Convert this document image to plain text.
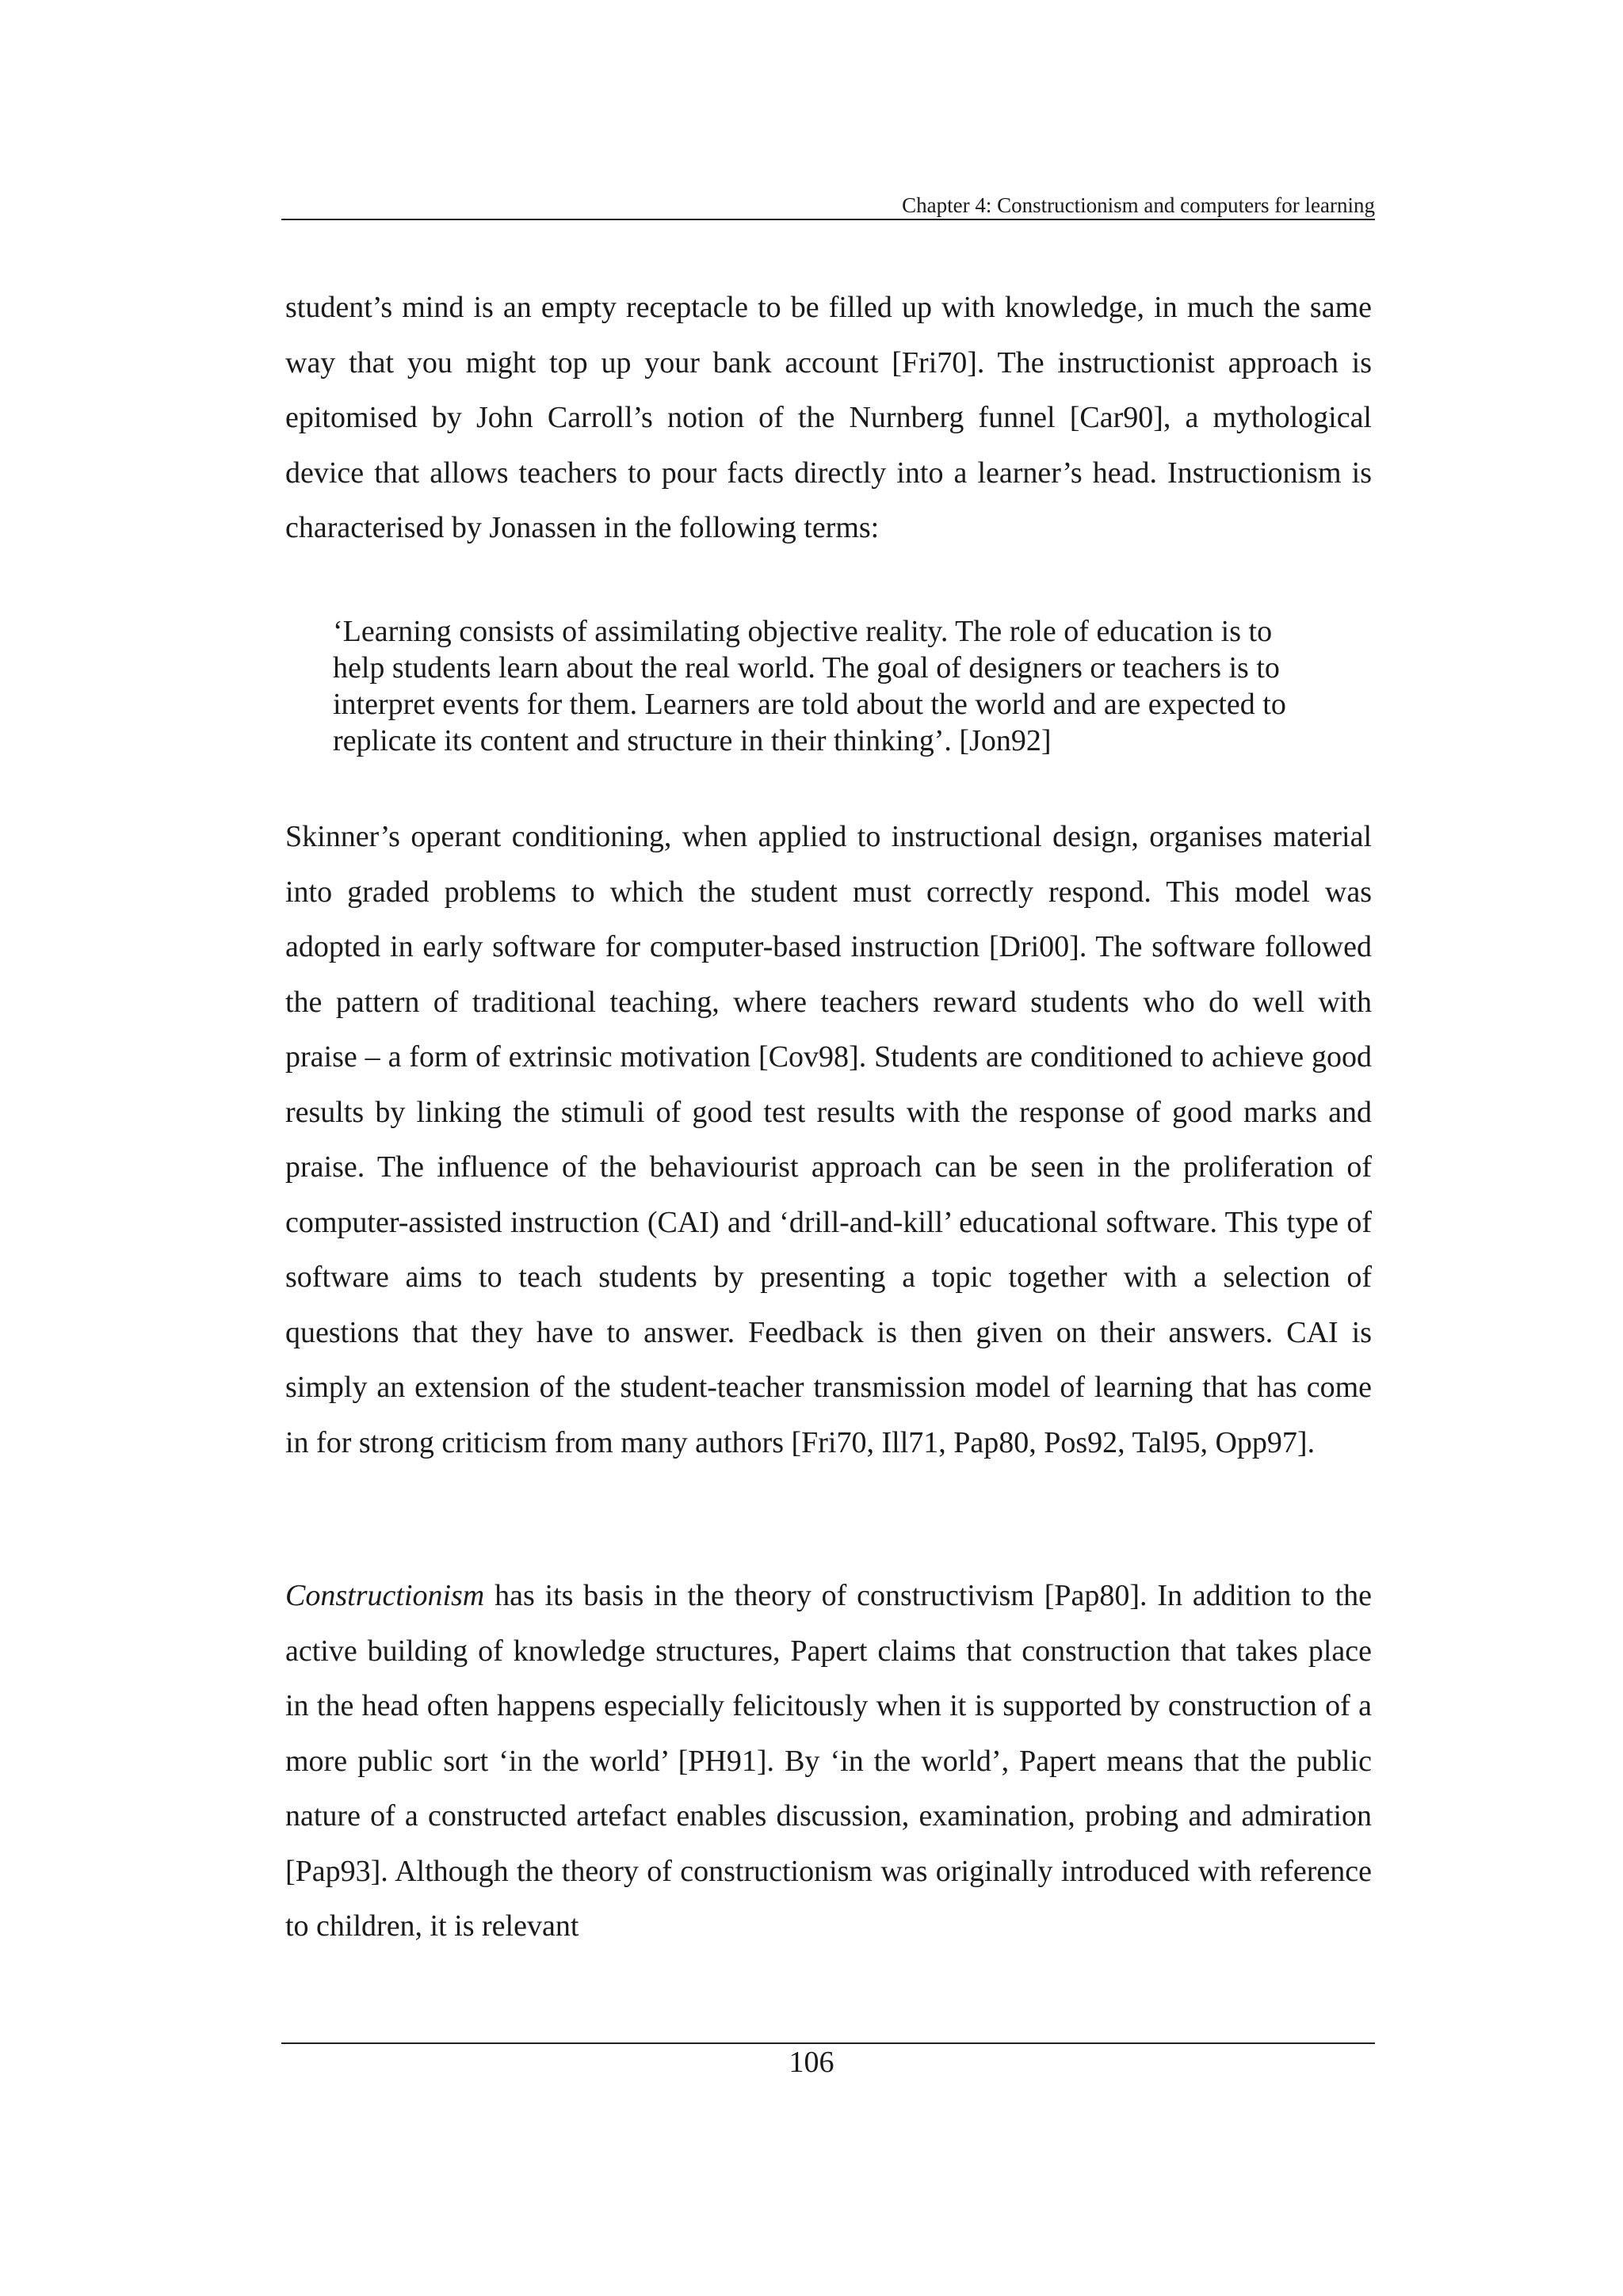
Chapter 4: Constructionism and computers for learning

student’s mind is an empty receptacle to be filled up with knowledge, in much the same way that you might top up your bank account [Fri70]. The instructionist approach is epitomised by John Carroll’s notion of the Nurnberg funnel [Car90], a mythological device that allows teachers to pour facts directly into a learner’s head. Instructionism is characterised by Jonassen in the following terms:

‘Learning consists of assimilating objective reality. The role of education is to help students learn about the real world. The goal of designers or teachers is to interpret events for them. Learners are told about the world and are expected to replicate its content and structure in their thinking’. [Jon92]

Skinner’s operant conditioning, when applied to instructional design, organises material into graded problems to which the student must correctly respond. This model was adopted in early software for computer-based instruction [Dri00]. The software followed the pattern of traditional teaching, where teachers reward students who do well with praise – a form of extrinsic motivation [Cov98]. Students are conditioned to achieve good results by linking the stimuli of good test results with the response of good marks and praise. The influence of the behaviourist approach can be seen in the proliferation of computer-assisted instruction (CAI) and ‘drill-and-kill’ educational software. This type of software aims to teach students by presenting a topic together with a selection of questions that they have to answer. Feedback is then given on their answers. CAI is simply an extension of the student-teacher transmission model of learning that has come in for strong criticism from many authors [Fri70, Ill71, Pap80, Pos92, Tal95, Opp97].

Constructionism has its basis in the theory of constructivism [Pap80]. In addition to the active building of knowledge structures, Papert claims that construction that takes place in the head often happens especially felicitously when it is supported by construction of a more public sort ‘in the world’ [PH91]. By ‘in the world’, Papert means that the public nature of a constructed artefact enables discussion, examination, probing and admiration [Pap93]. Although the theory of constructionism was originally introduced with reference to children, it is relevant

106
